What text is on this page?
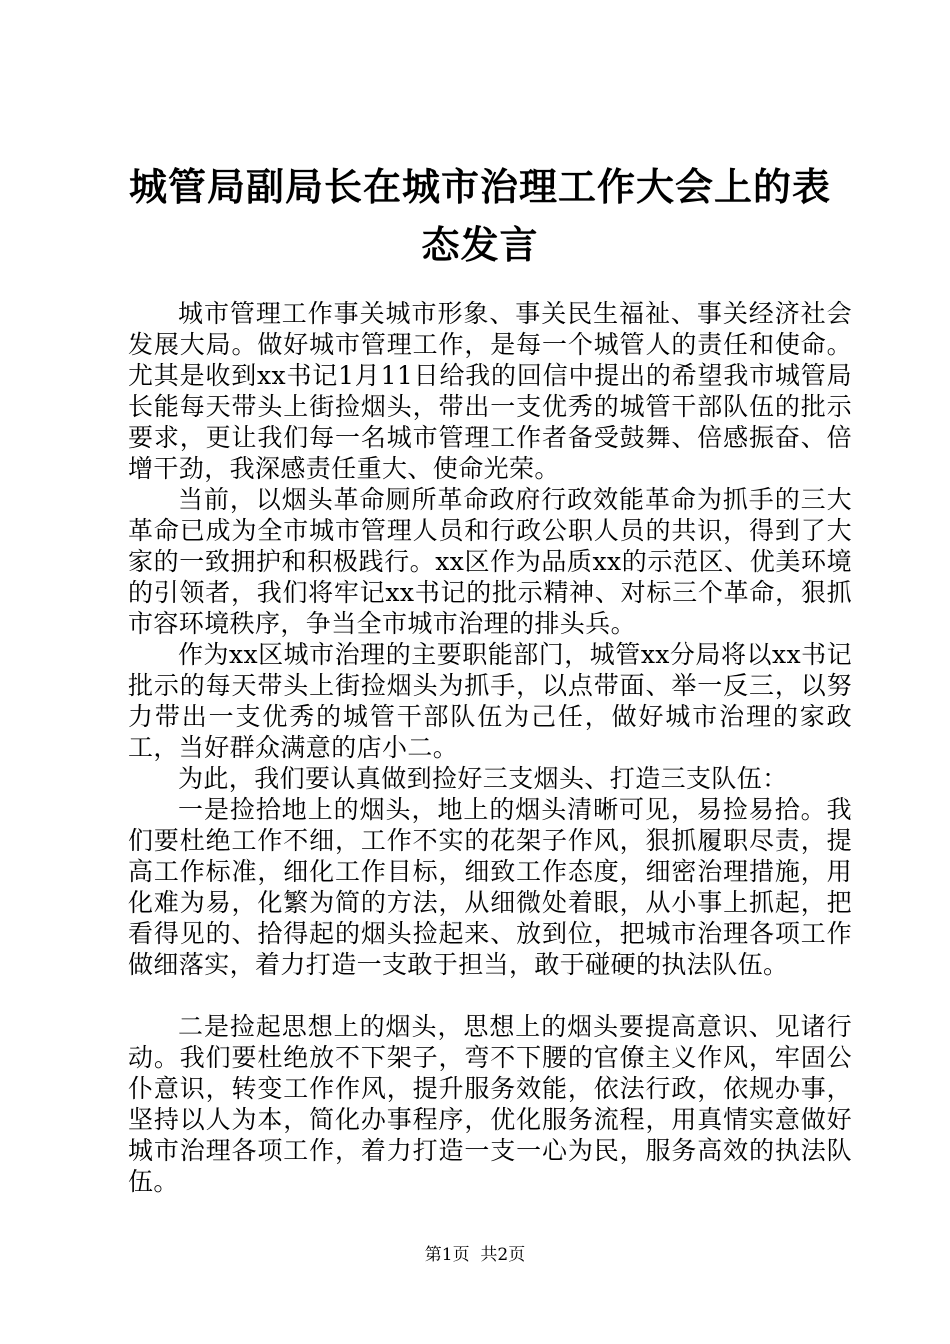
城管局副局长在城市治理工作大会上的表态发言

城市管理工作事关城市形象、事关民生福祉、事关经济社会发展大局。做好城市管理工作，是每一个城管人的责任和使命。尤其是收到xx书记1月11日给我的回信中提出的希望我市城管局长能每天带头上街捡烟头，带出一支优秀的城管干部队伍的批示要求，更让我们每一名城市管理工作者备受鼓舞、倍感振奋、倍增干劲，我深感责任重大、使命光荣。

当前，以烟头革命厕所革命政府行政效能革命为抓手的三大革命已成为全市城市管理人员和行政公职人员的共识，得到了大家的一致拥护和积极践行。xx区作为品质xx的示范区、优美环境的引领者，我们将牢记xx书记的批示精神、对标三个革命，狠抓市容环境秩序，争当全市城市治理的排头兵。

作为xx区城市治理的主要职能部门，城管xx分局将以xx书记批示的每天带头上街捡烟头为抓手，以点带面、举一反三，以努力带出一支优秀的城管干部队伍为己任，做好城市治理的家政工，当好群众满意的店小二。

为此，我们要认真做到捡好三支烟头、打造三支队伍：

一是捡拾地上的烟头，地上的烟头清晰可见，易捡易拾。我们要杜绝工作不细，工作不实的花架子作风，狠抓履职尽责，提高工作标准，细化工作目标，细致工作态度，细密治理措施，用化难为易，化繁为简的方法，从细微处着眼，从小事上抓起，把看得见的、拾得起的烟头捡起来、放到位，把城市治理各项工作做细落实，着力打造一支敢于担当，敢于碰硬的执法队伍。

二是捡起思想上的烟头，思想上的烟头要提高意识、见诸行动。我们要杜绝放不下架子，弯不下腰的官僚主义作风，牢固公仆意识，转变工作作风，提升服务效能，依法行政，依规办事，坚持以人为本，简化办事程序，优化服务流程，用真情实意做好城市治理各项工作，着力打造一支一心为民，服务高效的执法队伍。

第1页  共2页
